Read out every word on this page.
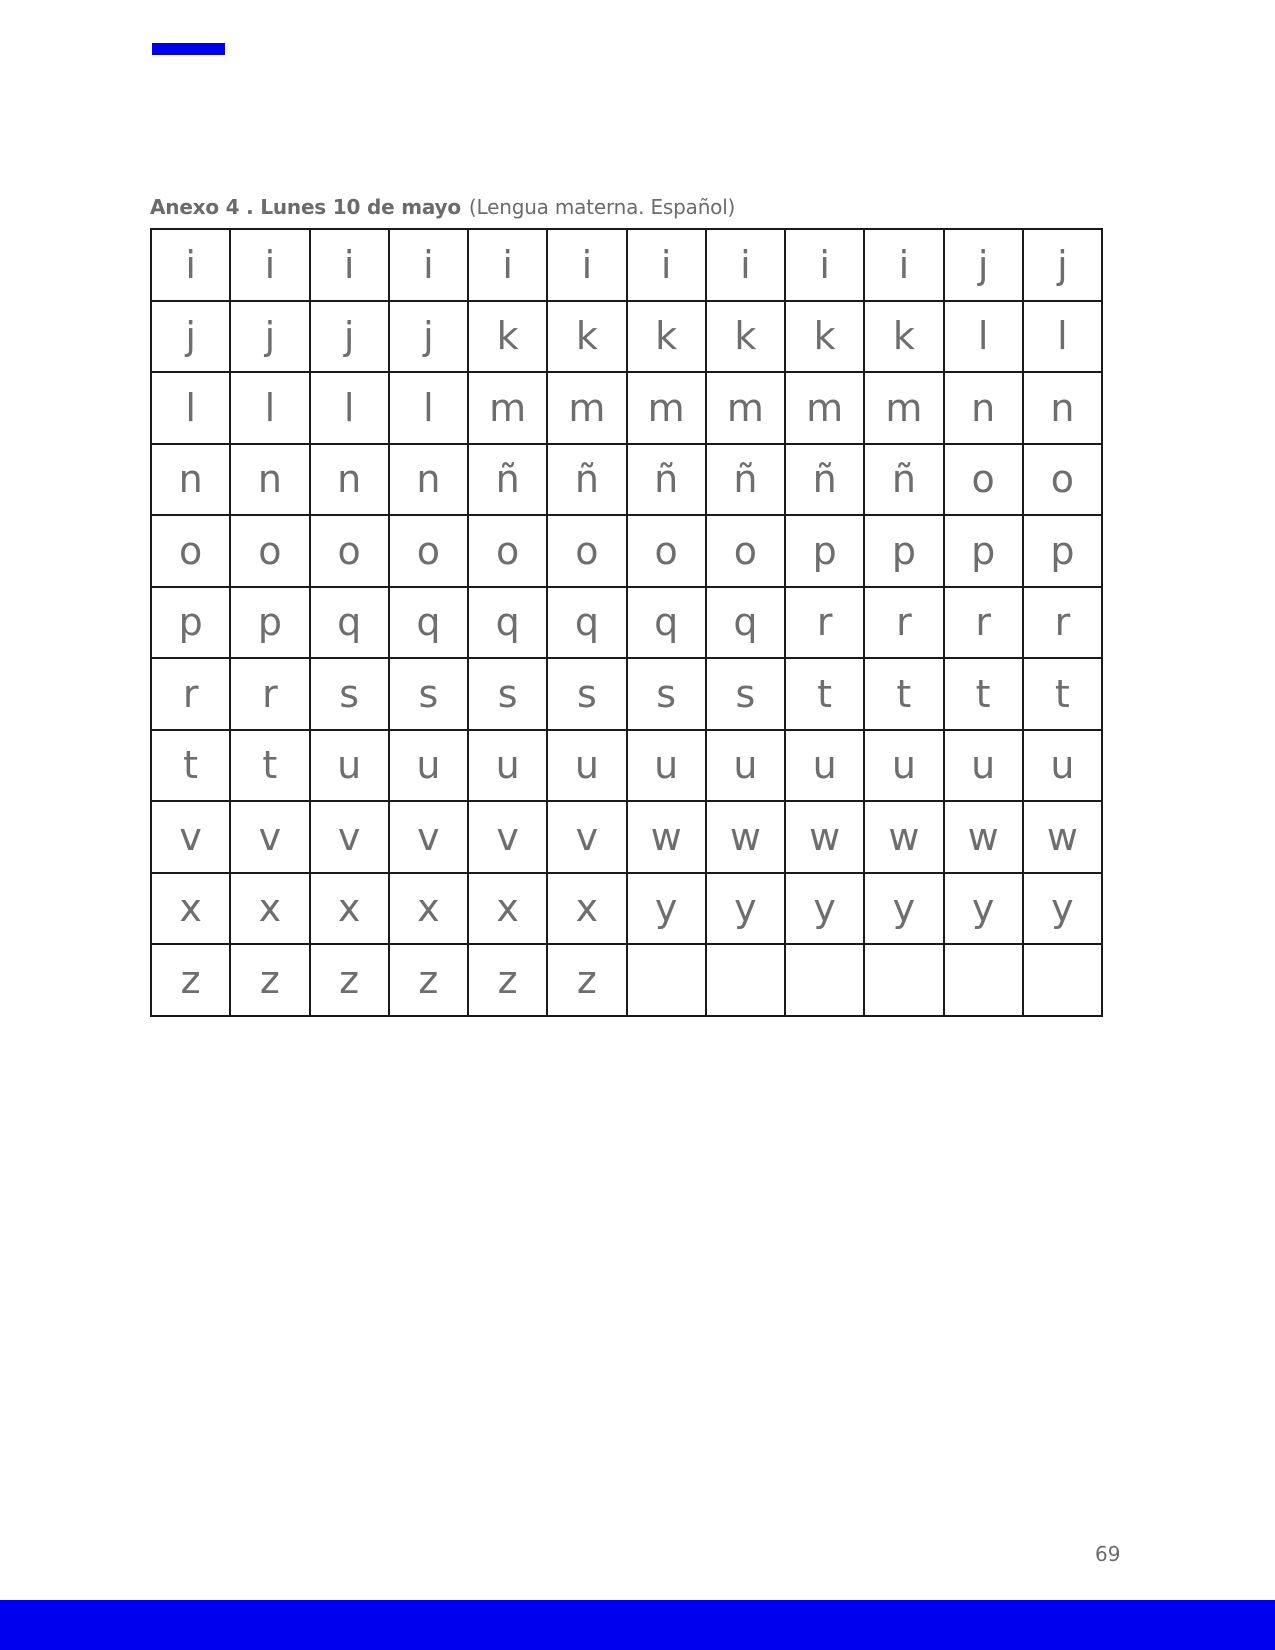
Anexo 4 . Lunes 10 de mayo (Lengua materna. Español)
i	i	i	i	i	i	i	i	i	i	j	j
j	j	j	j	k	k	k	k	k	k	l	l
l	l	l	l	m	m	m	m	m	m	n	n
n	n	n	n	ñ	ñ	ñ	ñ	ñ	ñ	o	o
o	o	o	o	o	o	o	o	p	p	p	p
p	p	q	q	q	q	q	q	r	r	r	r
r	r	s	s	s	s	s	s	t	t	t	t
t	t	u	u	u	u	u	u	u	u	u	u
v	v	v	v	v	v	w	w	w	w	w	w
x	x	x	x	x	x	y	y	y	y	y	y
z	z	z	z	z	z						
69
